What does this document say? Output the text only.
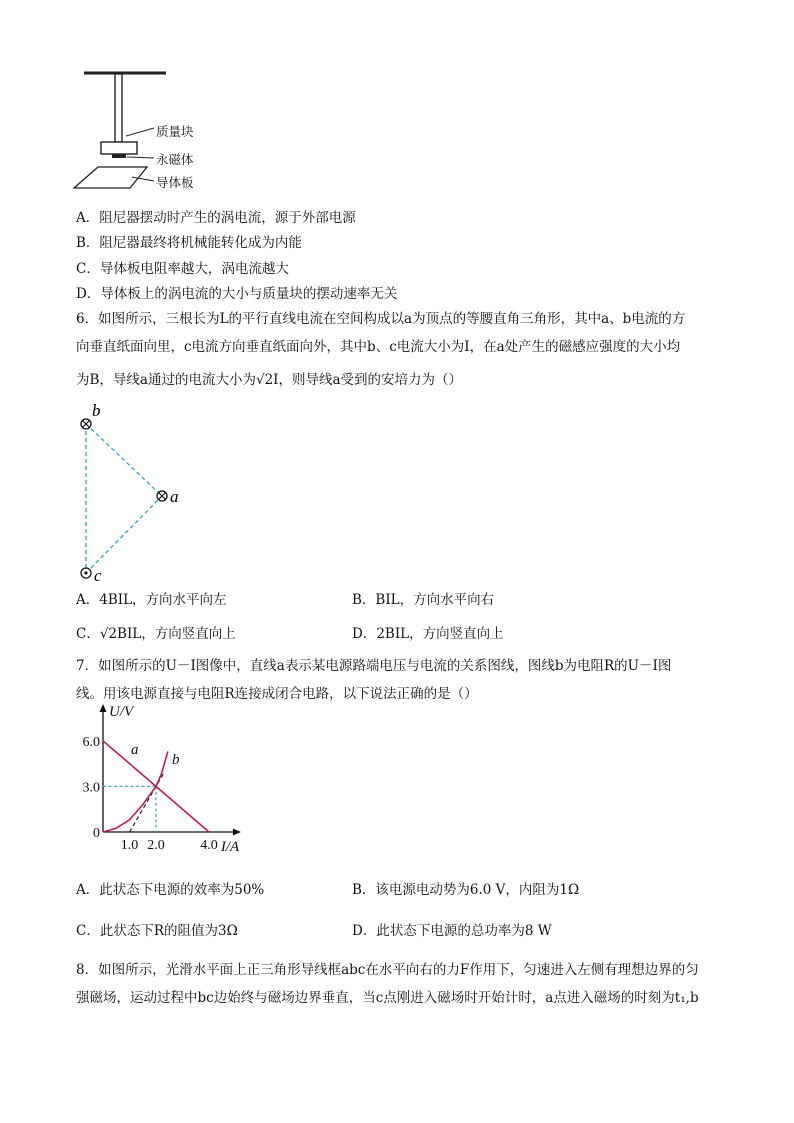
质量块
永磁体
导体板
A．阻尼器摆动时产生的涡电流，源于外部电源
B．阻尼器最终将机械能转化成为内能
C．导体板电阻率越大，涡电流越大
D．导体板上的涡电流的大小与质量块的摆动速率无关
6．如图所示，三根长为L的平行直线电流在空间构成以a为顶点的等腰直角三角形，其中a、b电流的方
向垂直纸面向里，c电流方向垂直纸面向外，其中b、c电流大小为I，在a处产生的磁感应强度的大小均
为B，导线a通过的电流大小为√2I，则导线a受到的安培力为（）
b
a
c
A．4BIL，方向水平向左	B．BIL，方向水平向右
C．√2BIL，方向竖直向上	D．2BIL，方向竖直向上
7．如图所示的U－I图像中，直线a表示某电源路端电压与电流的关系图线，图线b为电阻R的U－I图
线。用该电源直接与电阻R连接成闭合电路，以下说法正确的是（）
a
b
0
3.0
6.0
1.0 2.0	4.0
U/V
I/A
A．此状态下电源的效率为50%	B．该电源电动势为6.0 V，内阻为1Ω
C．此状态下R的阻值为3Ω	D．此状态下电源的总功率为8 W
8．如图所示，光滑水平面上正三角形导线框abc在水平向右的力F作用下，匀速进入左侧有理想边界的匀
强磁场，运动过程中bc边始终与磁场边界垂直，当c点刚进入磁场时开始计时，a点进入磁场的时刻为t₁,b
